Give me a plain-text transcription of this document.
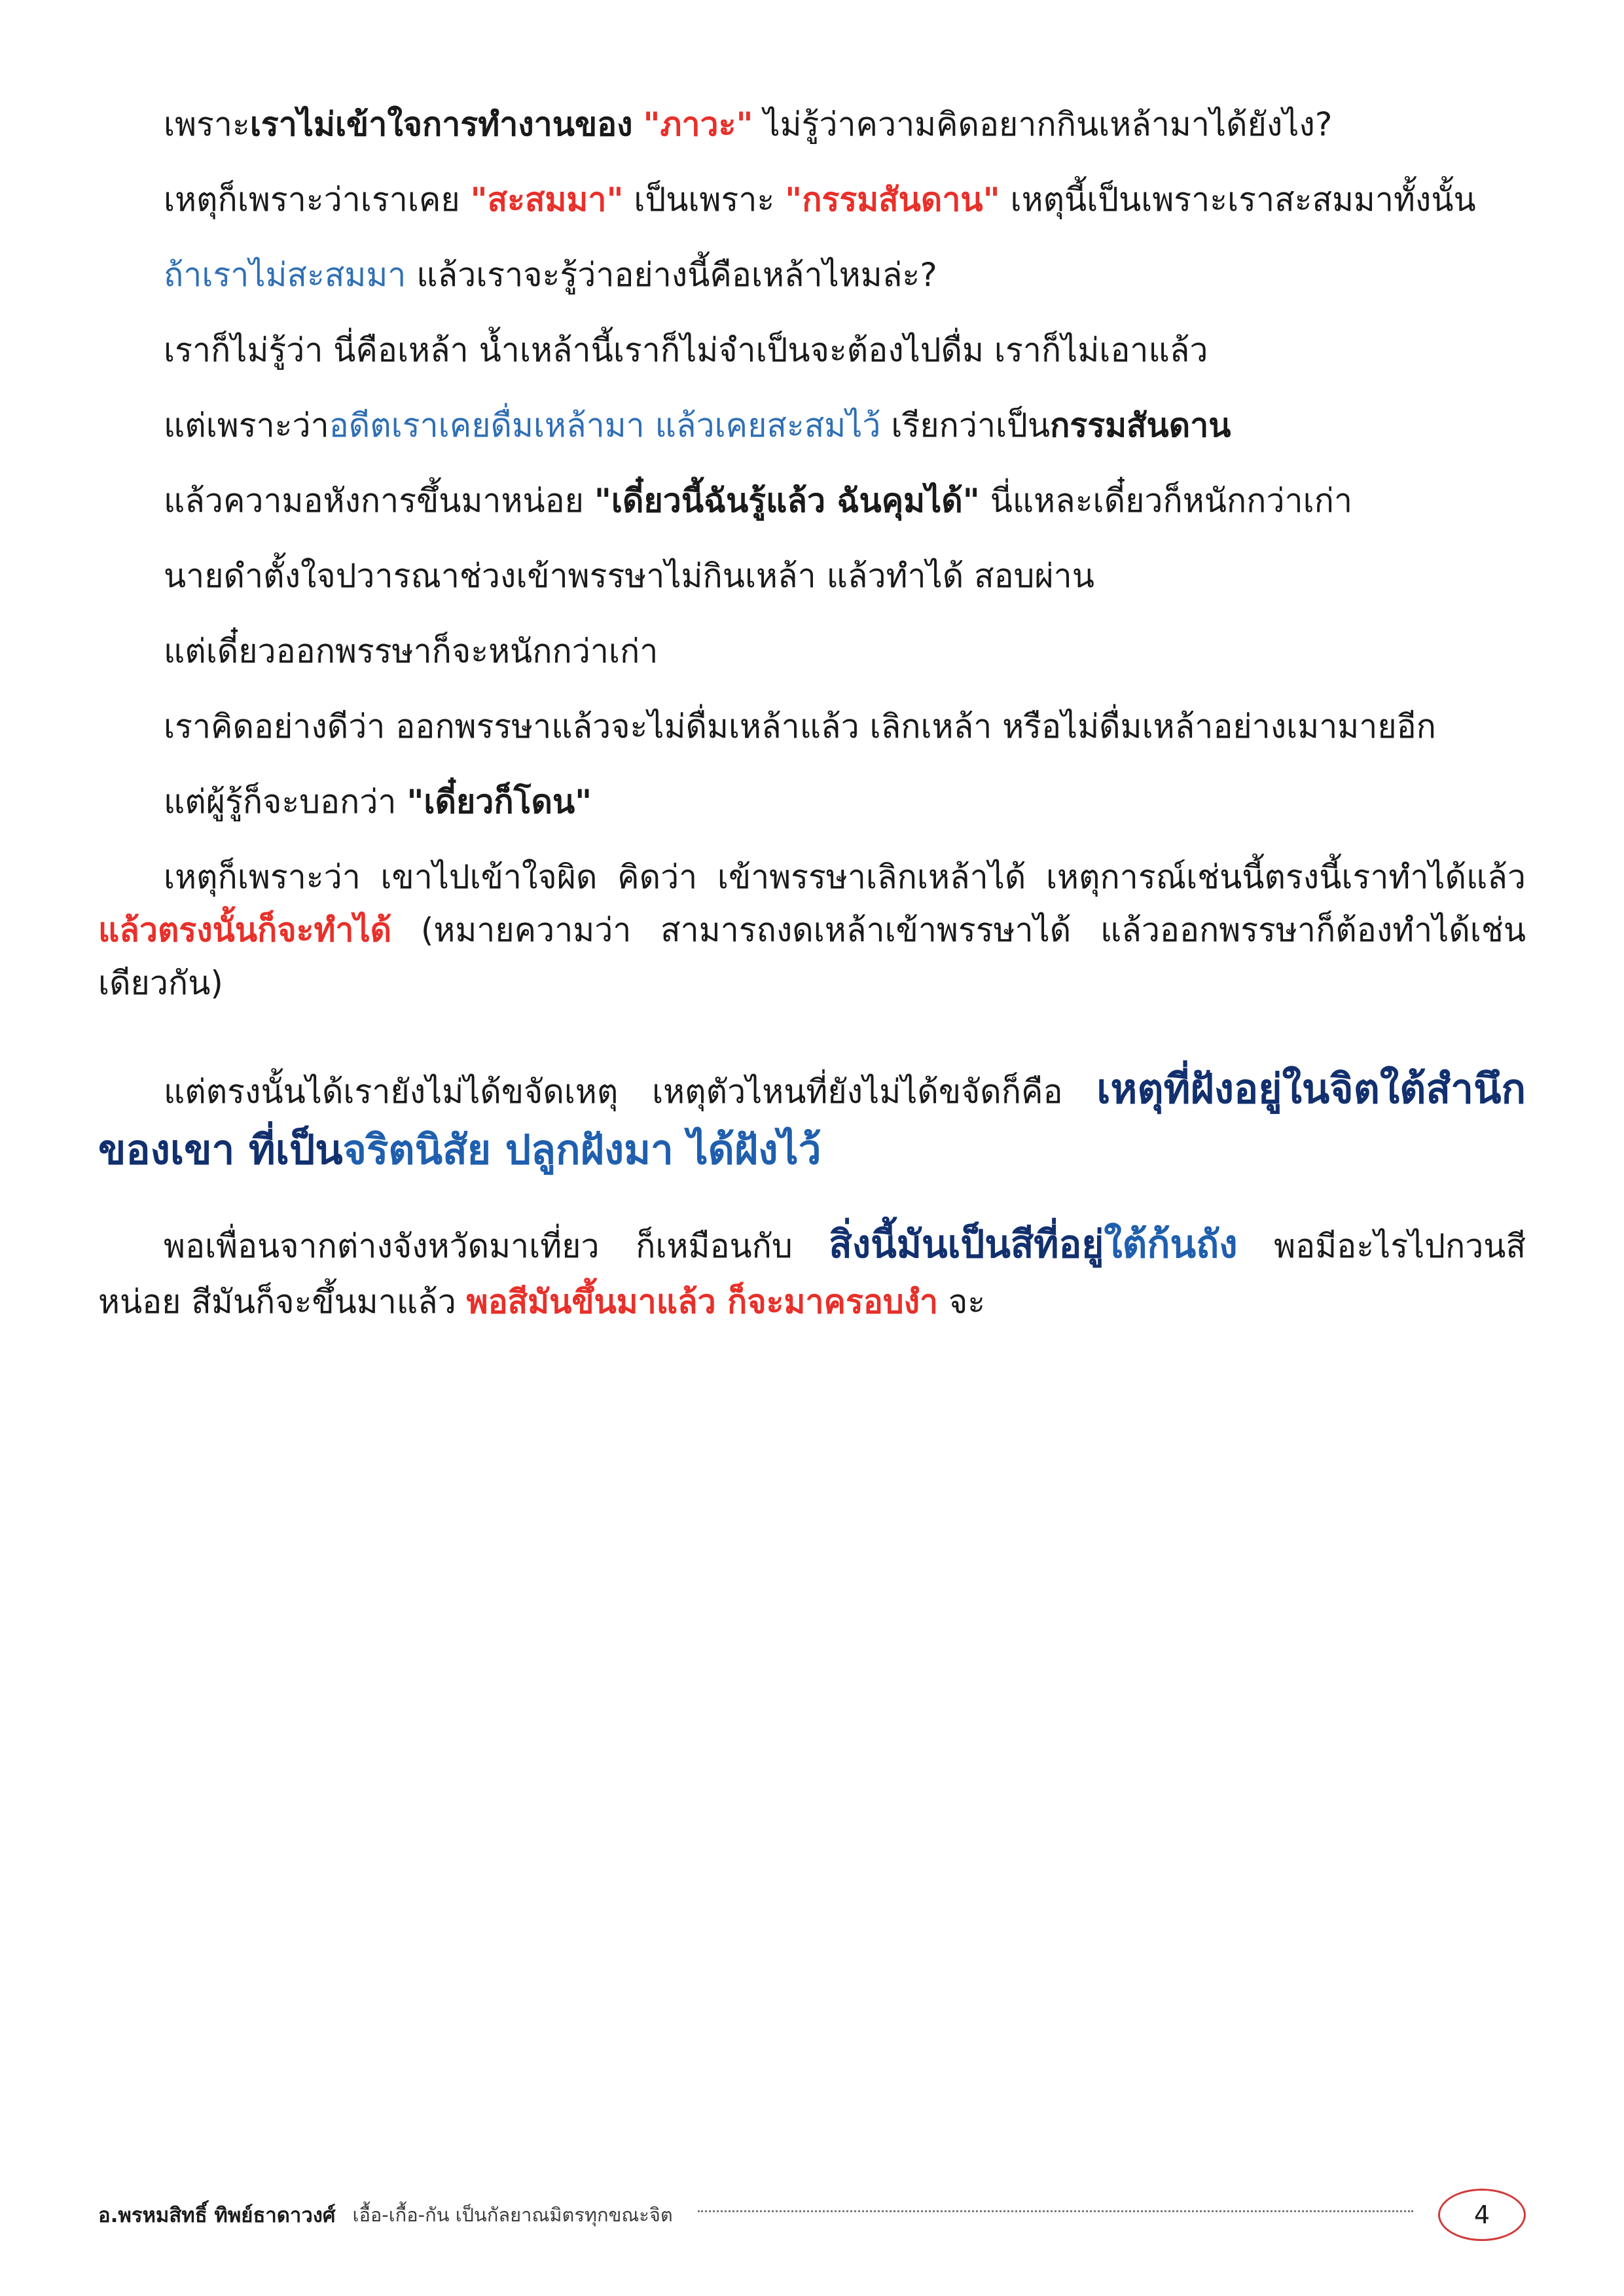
เพราะเราไม่เข้าใจการทำงานของ "ภาวะ" ไม่รู้ว่าความคิดอยากกินเหล้ามาได้ยังไง?

เหตุก็เพราะว่าเราเคย "สะสมมา" เป็นเพราะ "กรรมสันดาน" เหตุนี้เป็นเพราะเราสะสมมาทั้งนั้น

ถ้าเราไม่สะสมมา แล้วเราจะรู้ว่าอย่างนี้คือเหล้าไหมล่ะ?

เราก็ไม่รู้ว่า นี่คือเหล้า น้ำเหล้านี้เราก็ไม่จำเป็นจะต้องไปดื่ม เราก็ไม่เอาแล้ว

แต่เพราะว่าอดีตเราเคยดื่มเหล้ามา แล้วเคยสะสมไว้ เรียกว่าเป็นกรรมสันดาน

แล้วความอหังการขึ้นมาหน่อย "เดี๋ยวนี้ฉันรู้แล้ว ฉันคุมได้" นี่แหละเดี๋ยวก็หนักกว่าเก่า

นายดำตั้งใจปวารณาช่วงเข้าพรรษาไม่กินเหล้า แล้วทำได้ สอบผ่าน

แต่เดี๋ยวออกพรรษาก็จะหนักกว่าเก่า

เราคิดอย่างดีว่า ออกพรรษาแล้วจะไม่ดื่มเหล้าแล้ว เลิกเหล้า หรือไม่ดื่มเหล้าอย่างเมามายอีก

แต่ผู้รู้ก็จะบอกว่า "เดี๋ยวก็โดน"

เหตุก็เพราะว่า เขาไปเข้าใจผิด คิดว่า เข้าพรรษาเลิกเหล้าได้ เหตุการณ์เช่นนี้ตรงนี้เราทำได้แล้ว แล้วตรงนั้นก็จะทำได้ (หมายความว่า สามารถงดเหล้าเข้าพรรษาได้ แล้วออกพรรษาก็ต้องทำได้เช่นเดียวกัน)

แต่ตรงนั้นได้เรายังไม่ได้ขจัดเหตุ เหตุตัวไหนที่ยังไม่ได้ขจัดก็คือ เหตุที่ฝังอยู่ในจิตใต้สำนึกของเขา ที่เป็นจริตนิสัย ปลูกฝังมา ได้ฝังไว้

พอเพื่อนจากต่างจังหวัดมาเที่ยว ก็เหมือนกับ สิ่งนี้มันเป็นสีที่อยู่ใต้ก้นถัง พอมีอะไรไปกวนสีหน่อย สีมันก็จะขึ้นมาแล้ว พอสีมันขึ้นมาแล้ว ก็จะมาครอบงำ จะ

อ.พรหมสิทธิ์ ทิพย์ธาดาวงศ์ เอื้อ-เกื้อ-กัน เป็นกัลยาณมิตรทุกขณะจิต	4
